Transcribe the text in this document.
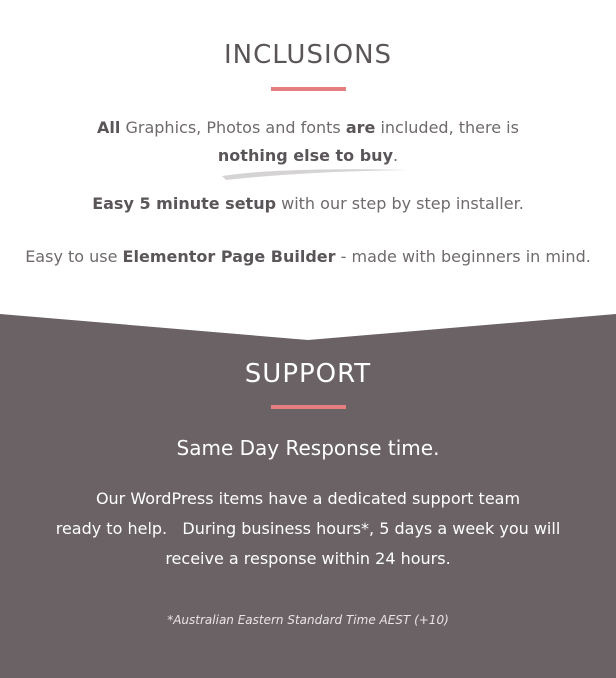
INCLUSIONS
All Graphics, Photos and fonts are included, there is
nothing else to buy.
Easy 5 minute setup with our step by step installer.
Easy to use Elementor Page Builder - made with beginners in mind.
SUPPORT
Same Day Response time.
Our WordPress items have a dedicated support team
ready to help.   During business hours*, 5 days a week you will
receive a response within 24 hours.
*Australian Eastern Standard Time AEST (+10)
